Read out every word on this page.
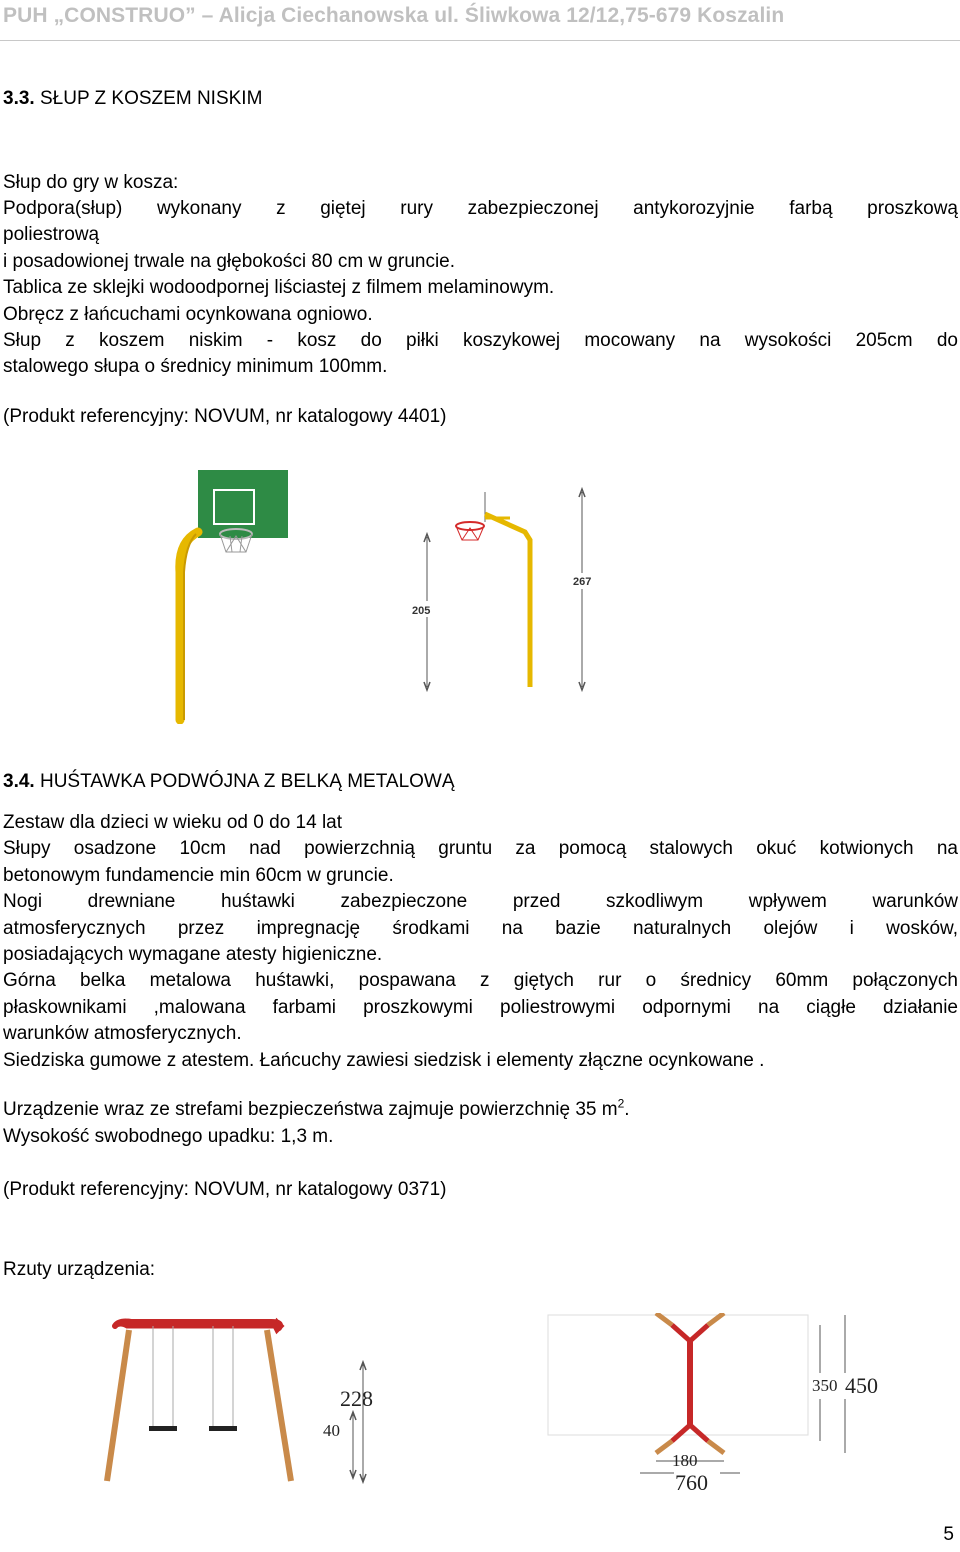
PUH „CONSTRUO” – Alicja Ciechanowska ul. Śliwkowa 12/12,75-679 Koszalin
3.3. SŁUP Z KOSZEM NISKIM
Słup do gry w kosza:
Podpora(słup) wykonany z giętej rury zabezpieczonej antykorozyjnie farbą proszkową
poliestrową
i posadowionej trwale na głębokości 80 cm w gruncie.
Tablica ze sklejki wodoodpornej liściastej z filmem melaminowym.
Obręcz z łańcuchami ocynkowana ogniowo.
Słup z koszem niskim - kosz do piłki koszykowej mocowany na wysokości 205cm do
stalowego słupa o średnicy minimum 100mm.
(Produkt referencyjny: NOVUM, nr katalogowy 4401)
205
267
3.4. HUŚTAWKA PODWÓJNA Z BELKĄ METALOWĄ
Zestaw dla dzieci w wieku od 0 do 14 lat
Słupy osadzone 10cm nad powierzchnią gruntu za pomocą stalowych okuć kotwionych na
betonowym fundamencie min 60cm w gruncie.
Nogi drewniane huśtawki zabezpieczone przed szkodliwym wpływem warunków
atmosferycznych przez impregnację środkami na bazie naturalnych olejów i wosków,
posiadających wymagane atesty higieniczne.
Górna belka metalowa huśtawki, pospawana z giętych rur o średnicy 60mm połączonych
płaskownikami ,malowana farbami proszkowymi poliestrowymi odpornymi na ciągłe działanie
warunków atmosferycznych.
Siedziska gumowe z atestem. Łańcuchy zawiesi siedzisk i elementy złączne ocynkowane .
Urządzenie wraz ze strefami bezpieczeństwa zajmuje powierzchnię 35 $m^2$.
Wysokość swobodnego upadku: 1,3 m.
(Produkt referencyjny: NOVUM, nr katalogowy 0371)
Rzuty urządzenia:
228
40
350 450
180
760
5
